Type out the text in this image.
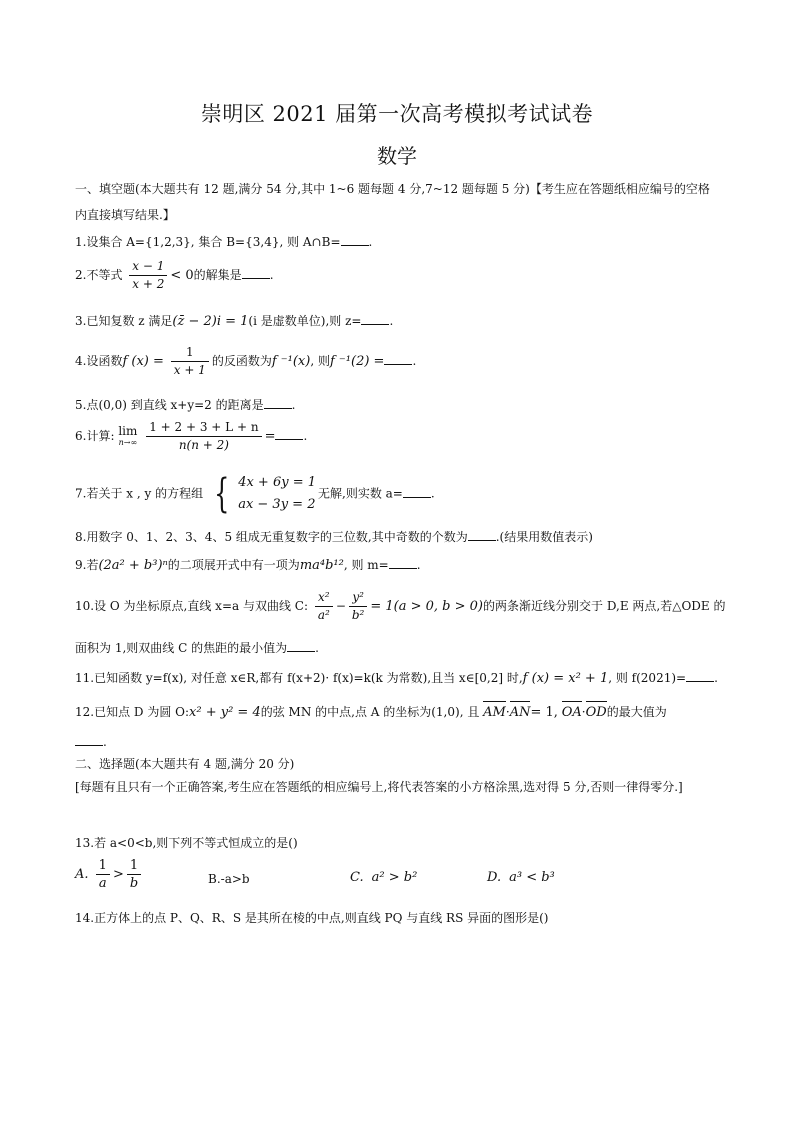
崇明区 2021 届第一次高考模拟考试试卷
数学
一、填空题(本大题共有 12 题,满分 54 分,其中 1~6 题每题 4 分,7~12 题每题 5 分)【考生应在答题纸相应编号的空格
内直接填写结果.】
1.设集合 A={1,2,3}, 集合 B={3,4}, 则 A∩B= .
2.不等式 $\frac{x - 1}{x + 2} < 0$的解集是 .
3.已知复数 z 满足(z̄ − 2)i = 1(i 是虚数单位),则 z= .
4.设函数f $(x) = \frac{1}{x + 1}$ 的反函数为f ⁻¹(x), 则f ⁻¹(2) = .
5.点(0,0) 到直线 x+y=2 的距离是 .
6.计算: lim
n→∞
$\frac{1 + 2 + 3 + L + n}{n(n + 2)}$ = .
7.若关于 x , y 的方程组 { 4x + 6y = 1
ax − 3y = 2
无解,则实数 a= .
8.用数字 0、1、2、3、4、5 组成无重复数字的三位数,其中奇数的个数为 .(结果用数值表示)
9.若(2a² + b³)ⁿ的二项展开式中有一项为ma⁴b¹², 则 m= .
10.设 O 为坐标原点,直线 x=a 与双曲线 C: $\frac{\text{x²}}{\text{a²}} - \frac{\text{y²}}{\text{b²}} = 1(a > 0$, b > 0)的两条渐近线分别交于 D,E 两点,若△ODE 的
面积为 1,则双曲线 C 的焦距的最小值为 .
11.已知函数 y=f(x), 对任意 x∈R,都有 f(x+2)· f(x)=k(k 为常数),且当 x∈[0,2] 时,f (x) = x² + 1, 则 f(2021)= .
12.已知点 D 为圆 O:x² + y² = 4的弦 MN 的中点,点 A 的坐标为(1,0), 且 AM·AN= 1, OA·OD的最大值为
.
二、选择题(本大题共有 4 题,满分 20 分)
[每题有且只有一个正确答案,考生应在答题纸的相应编号上,将代表答案的小方格涂黑,选对得 5 分,否则一律得零分.]
13.若 a<0<b,则下列不等式恒成立的是()
A. $\frac{1}{a} > \frac{1}{b}$	B.-a>b	C. a² > b²	D. a³ < b³
14.正方体上的点 P、Q、R、S 是其所在棱的中点,则直线 PQ 与直线 RS 异面的图形是()
